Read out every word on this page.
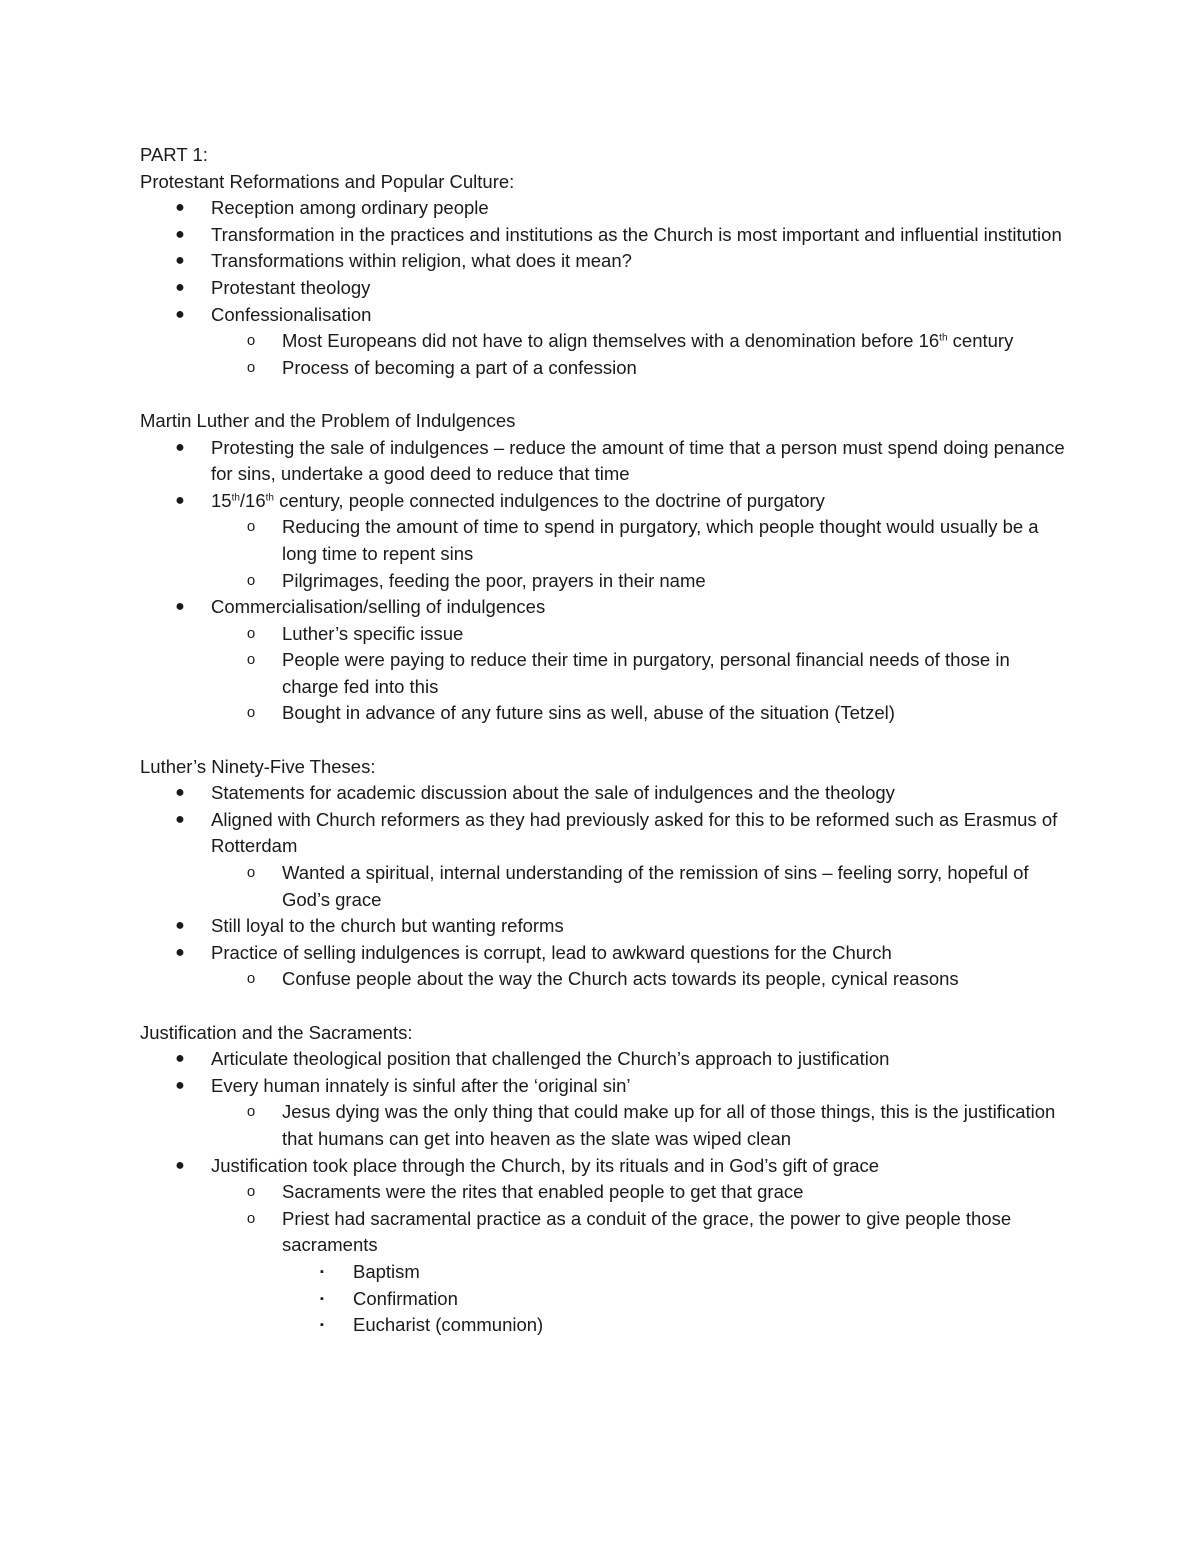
PART 1:

Protestant Reformations and Popular Culture:

● Reception among ordinary people
● Transformation in the practices and institutions as the Church is most important and influential institution
● Transformations within religion, what does it mean?
● Protestant theology
● Confessionalisation
o	Most Europeans did not have to align themselves with a denomination before 16th century
o	Process of becoming a part of a confession

Martin Luther and the Problem of Indulgences

● Protesting the sale of indulgences – reduce the amount of time that a person must spend doing penance for sins, undertake a good deed to reduce that time
● 15th/16th century, people connected indulgences to the doctrine of purgatory
o	Reducing the amount of time to spend in purgatory, which people thought would usually be a long time to repent sins
o	Pilgrimages, feeding the poor, prayers in their name
● Commercialisation/selling of indulgences
o	Luther’s specific issue
o	People were paying to reduce their time in purgatory, personal financial needs of those in charge fed into this
o	Bought in advance of any future sins as well, abuse of the situation (Tetzel)

Luther’s Ninety-Five Theses:

● Statements for academic discussion about the sale of indulgences and the theology
● Aligned with Church reformers as they had previously asked for this to be reformed such as Erasmus of Rotterdam
o	Wanted a spiritual, internal understanding of the remission of sins – feeling sorry, hopeful of God’s grace
● Still loyal to the church but wanting reforms
● Practice of selling indulgences is corrupt, lead to awkward questions for the Church
o	Confuse people about the way the Church acts towards its people, cynical reasons

Justification and the Sacraments:

● Articulate theological position that challenged the Church’s approach to justification
● Every human innately is sinful after the ‘original sin’
o	Jesus dying was the only thing that could make up for all of those things, this is the justification that humans can get into heaven as the slate was wiped clean
● Justification took place through the Church, by its rituals and in God’s gift of grace
o	Sacraments were the rites that enabled people to get that grace
o	Priest had sacramental practice as a conduit of the grace, the power to give people those sacraments
▪	Baptism
▪	Confirmation
▪	Eucharist (communion)
